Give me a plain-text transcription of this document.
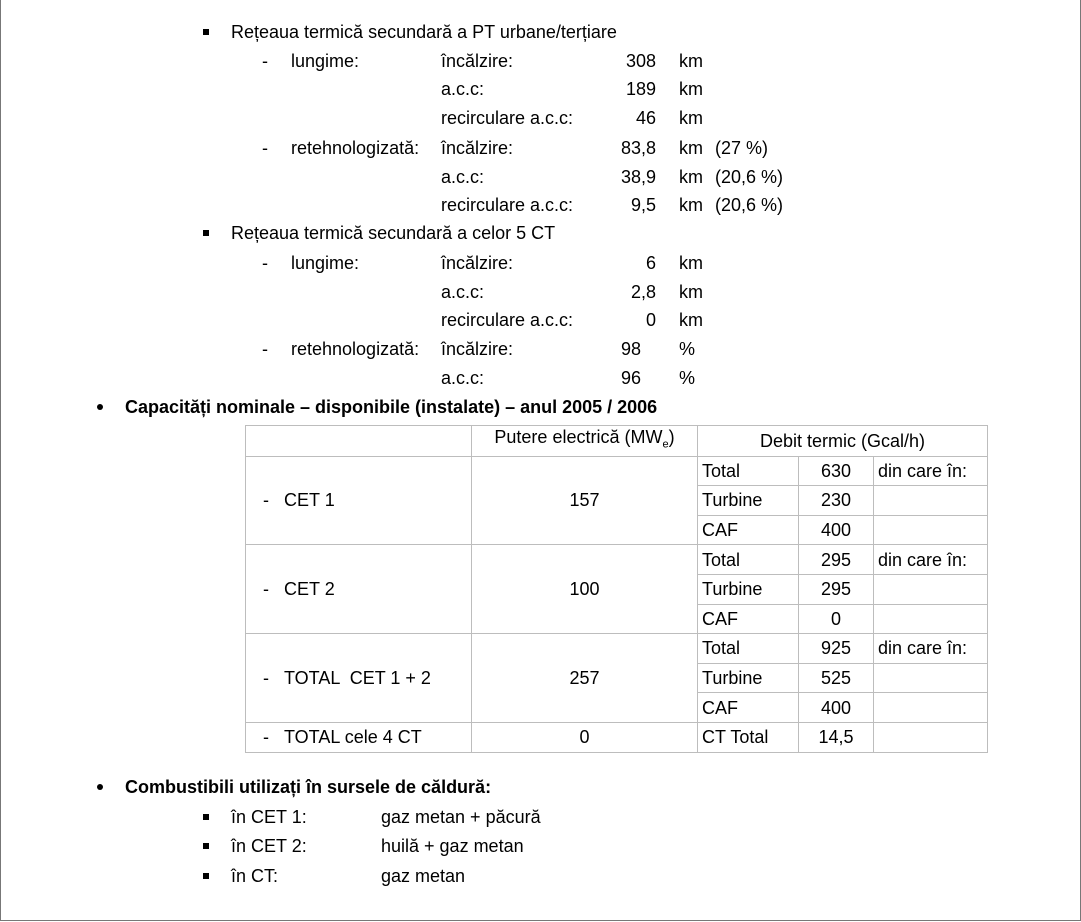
Rețeaua termică secundară a PT urbane/terțiare
- lungime:	încălzire:	308 km
a.c.c:	189 km
recirculare a.c.c:	46 km
- retehnologizată: încălzire:	83,8 km (27 %)
a.c.c:	38,9 km (20,6 %)
recirculare a.c.c:	9,5 km (20,6 %)
Rețeaua termică secundară a celor 5 CT
- lungime:	încălzire:	6 km
a.c.c:	2,8 km
recirculare a.c.c:	0 km
- retehnologizată: încălzire:	98 %
a.c.c:	96 %
Capacități nominale – disponibile (instalate) – anul 2005 / 2006
	Putere electrică $(MW_e)$	Debit termic (Gcal/h)		
- CET 1	157	Total	630	din care în:
		Turbine	230	
		CAF	400	
- CET 2	100	Total	295	din care în:
		Turbine	295	
		CAF	0	
- TOTAL  CET 1 + 2	257	Total	925	din care în:
		Turbine	525	
		CAF	400	
- TOTAL cele 4 CT	0	CT Total	14,5	
Combustibili utilizați în sursele de căldură:
în CET 1:	gaz metan + păcură
în CET 2:	huilă + gaz metan
în CT:	gaz metan
